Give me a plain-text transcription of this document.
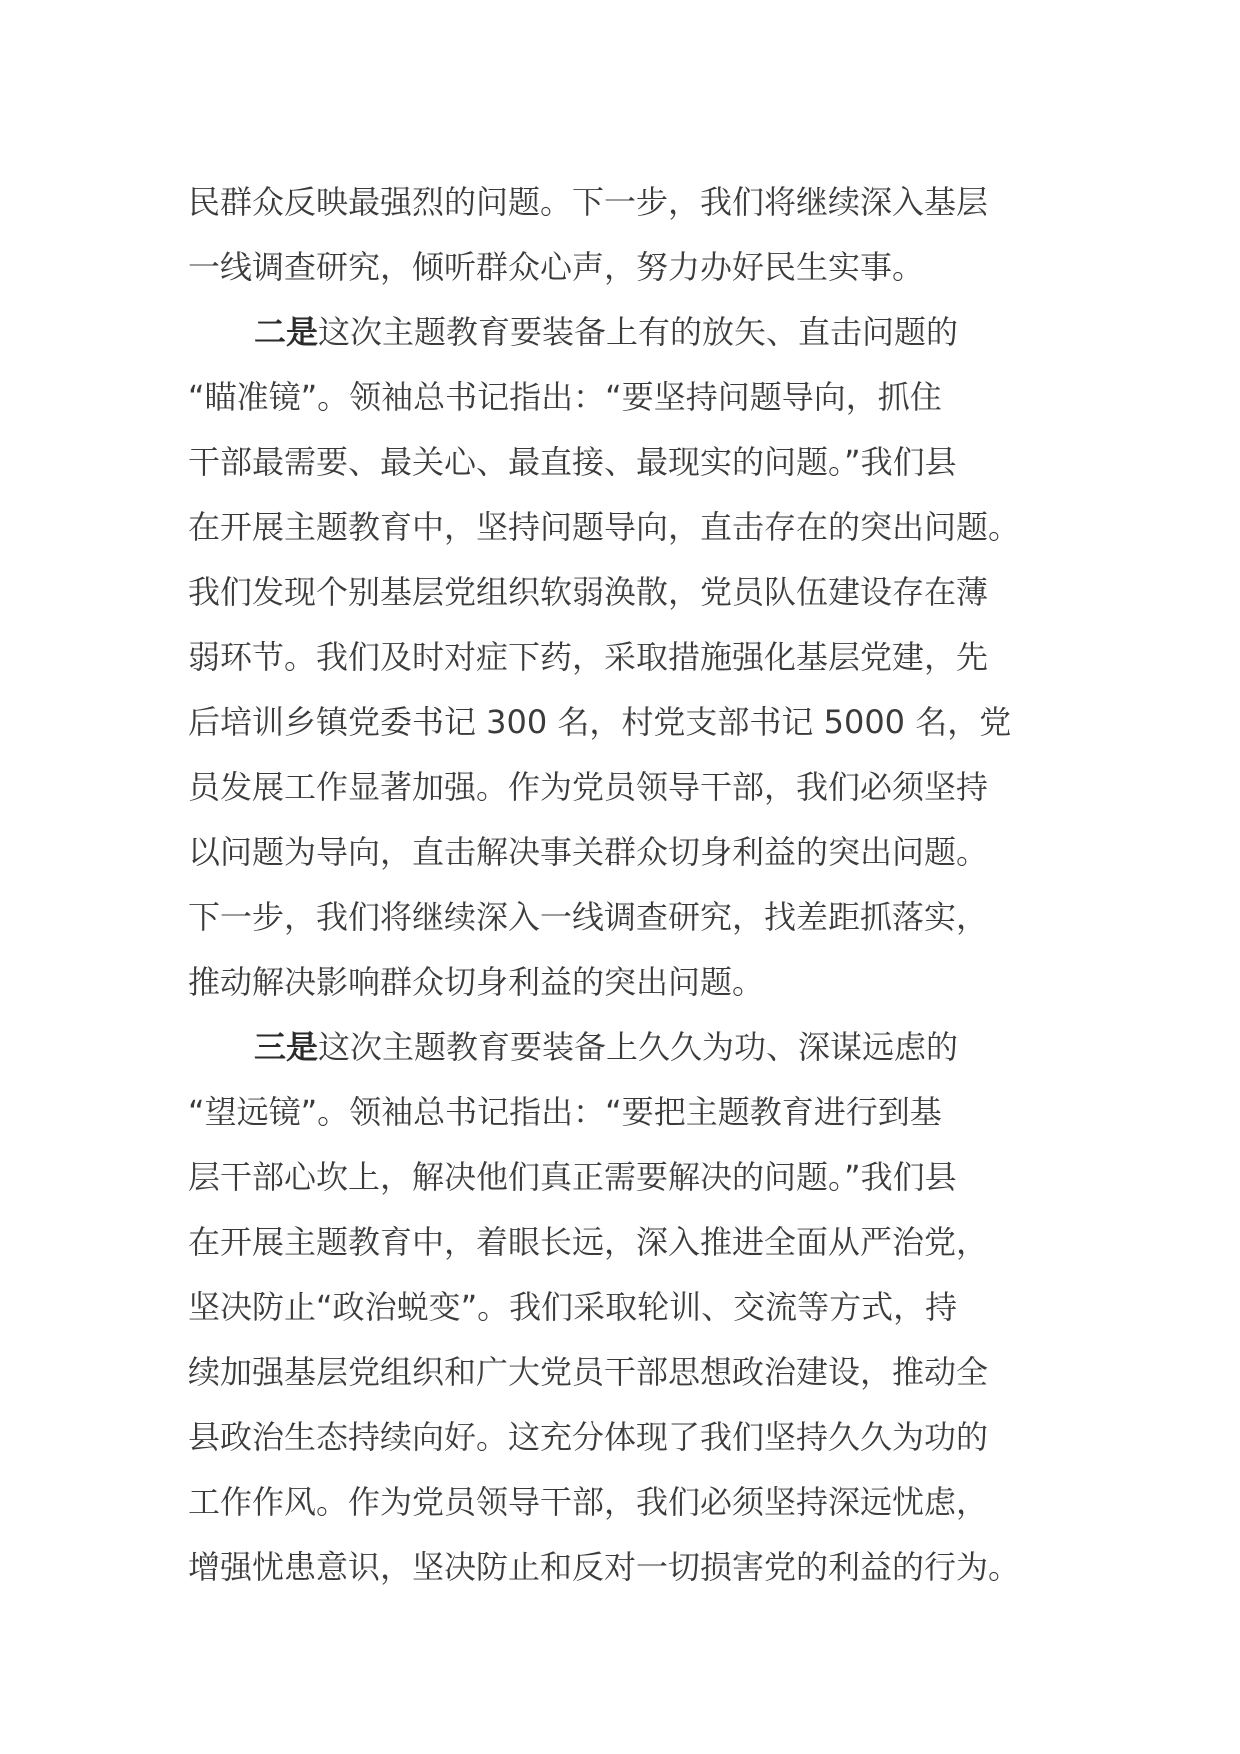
民群众反映最强烈的问题。下一步，我们将继续深入基层
一线调查研究，倾听群众心声，努力办好民生实事。
二是这次主题教育要装备上有的放矢、直击问题的
“瞄准镜”。领袖总书记指出：“要坚持问题导向，抓住
干部最需要、最关心、最直接、最现实的问题。”我们县
在开展主题教育中，坚持问题导向，直击存在的突出问题。
我们发现个别基层党组织软弱涣散，党员队伍建设存在薄
弱环节。我们及时对症下药，采取措施强化基层党建，先
后培训乡镇党委书记 300 名，村党支部书记 5000 名，党
员发展工作显著加强。作为党员领导干部，我们必须坚持
以问题为导向，直击解决事关群众切身利益的突出问题。
下一步，我们将继续深入一线调查研究，找差距抓落实，
推动解决影响群众切身利益的突出问题。
三是这次主题教育要装备上久久为功、深谋远虑的
“望远镜”。领袖总书记指出：“要把主题教育进行到基
层干部心坎上，解决他们真正需要解决的问题。”我们县
在开展主题教育中，着眼长远，深入推进全面从严治党，
坚决防止“政治蜕变”。我们采取轮训、交流等方式，持
续加强基层党组织和广大党员干部思想政治建设，推动全
县政治生态持续向好。这充分体现了我们坚持久久为功的
工作作风。作为党员领导干部，我们必须坚持深远忧虑，
增强忧患意识，坚决防止和反对一切损害党的利益的行为。
